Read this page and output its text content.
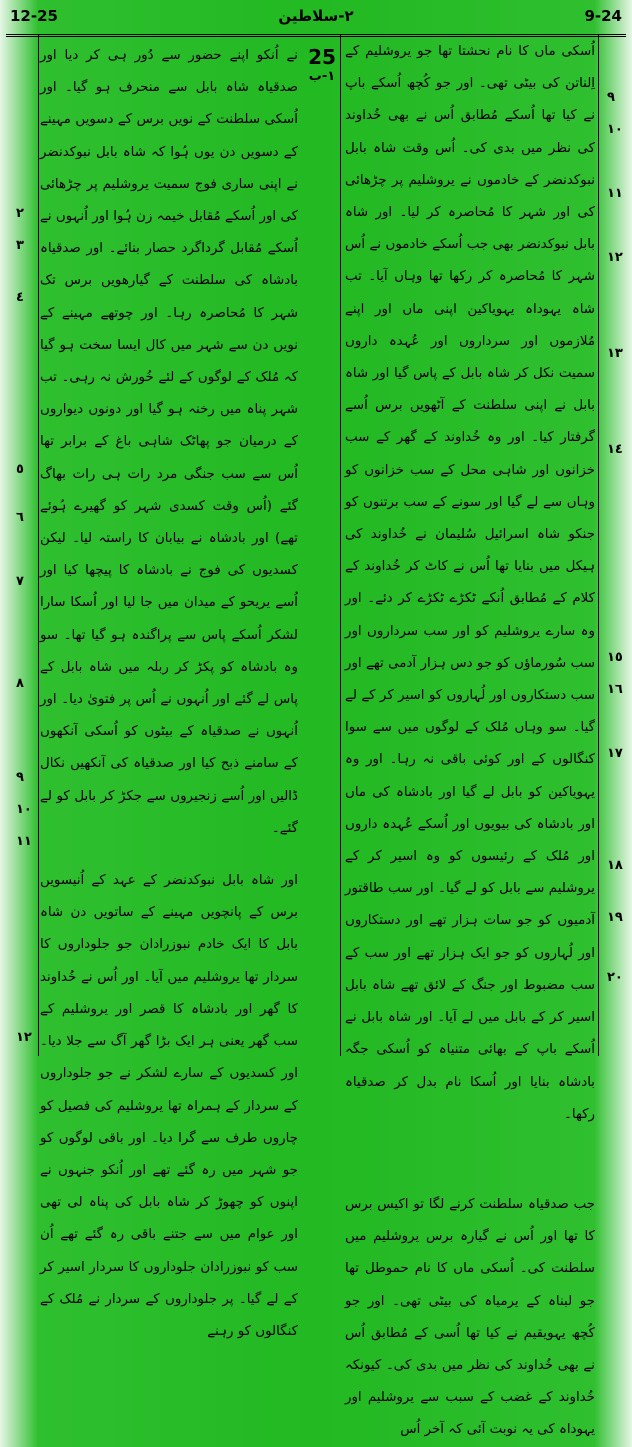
12-25	٢-سلاطین	9-24
25
۱-ب

اُسکی ماں کا نام نحشتا تھا جو یروشلیم کے اِلناتن کی بیٹی تھی۔ اور جو کُچھ اُسکے باپ نے کیا تھا اُسکے مُطابق اُس نے بھی خُداوند کی نظر میں بدی کی۔ اُس وقت شاہ بابل نبوکدنضر کے خادموں نے یروشلیم پر چڑھائی کی اور شہر کا مُحاصرہ کر لیا۔ اور شاہ بابل نبوکدنضر بھی جب اُسکے خادموں نے اُس شہر کا مُحاصرہ کر رکھا تھا وہاں آیا۔ تب شاہ یہوداہ یہویاکین اپنی ماں اور اپنے مُلازموں اور سرداروں اور عُہدہ داروں سمیت نکل کر شاہ بابل کے پاس گیا اور شاہ بابل نے اپنی سلطنت کے آٹھویں برس اُسے گرفتار کیا۔ اور وہ خُداوند کے گھر کے سب خزانوں اور شاہی محل کے سب خزانوں کو وہاں سے لے گیا اور سونے کے سب برتنوں کو جنکو شاہ اسرائیل سُلیمان نے خُداوند کی ہیکل میں بنایا تھا اُس نے کاٹ کر خُداوند کے کلام کے مُطابق اُنکے ٹکڑے ٹکڑے کر دئے۔ اور وہ سارے یروشلیم کو اور سب سرداروں اور سب سُورماؤں کو جو دس ہزار آدمی تھے اور سب دستکاروں اور لُہاروں کو اسیر کر کے لے گیا۔ سو وہاں مُلک کے لوگوں میں سے سوا کنگالوں کے اور کوئی باقی نہ رہا۔ اور وہ یہویاکین کو بابل لے گیا اور بادشاہ کی ماں اور بادشاہ کی بیویوں اور اُسکے عُہدہ داروں اور مُلک کے رئیسوں کو وہ اسیر کر کے یروشلیم سے بابل کو لے گیا۔ اور سب طاقتور آدمیوں کو جو سات ہزار تھے اور دستکاروں اور لُہاروں کو جو ایک ہزار تھے اور سب کے سب مضبوط اور جنگ کے لائق تھے شاہ بابل اسیر کر کے بابل میں لے آیا۔ اور شاہ بابل نے اُسکے باپ کے بھائی متنیاہ کو اُسکی جگہ بادشاہ بنایا اور اُسکا نام بدل کر صدقیاہ رکھا۔

جب صدقیاہ سلطنت کرنے لگا تو اکیس برس کا تھا اور اُس نے گیارہ برس یروشلیم میں سلطنت کی۔ اُسکی ماں کا نام حموطل تھا جو لبناہ کے یرمیاہ کی بیٹی تھی۔ اور جو کُچھ یہویقیم نے کیا تھا اُسی کے مُطابق اُس نے بھی خُداوند کی نظر میں بدی کی۔ کیونکہ خُداوند کے غضب کے سبب سے یروشلیم اور یہوداہ کی یہ نوبت آئی کہ آخر اُس

نے اُنکو اپنے حضور سے دُور ہی کر دیا اور صدقیاہ شاہ بابل سے منحرف ہو گیا۔ اور اُسکی سلطنت کے نویں برس کے دسویں مہینے کے دسویں دن یوں ہُوا کہ شاہ بابل نبوکدنضر نے اپنی ساری فوج سمیت یروشلیم پر چڑھائی کی اور اُسکے مُقابل خیمہ زن ہُوا اور اُنہوں نے اُسکے مُقابل گرداگرد حصار بنائے۔ اور صدقیاہ بادشاہ کی سلطنت کے گیارھویں برس تک شہر کا مُحاصرہ رہا۔ اور چوتھے مہینے کے نویں دن سے شہر میں کال ایسا سخت ہو گیا کہ مُلک کے لوگوں کے لئے خُورش نہ رہی۔ تب شہر پناہ میں رخنہ ہو گیا اور دونوں دیواروں کے درمیان جو پھاٹک شاہی باغ کے برابر تھا اُس سے سب جنگی مرد رات ہی رات بھاگ گئے (اُس وقت کسدی شہر کو گھیرے ہُوئے تھے) اور بادشاہ نے بیابان کا راستہ لیا۔ لیکن کسدیوں کی فوج نے بادشاہ کا پیچھا کیا اور اُسے یریحو کے میدان میں جا لیا اور اُسکا سارا لشکر اُسکے پاس سے پراگندہ ہو گیا تھا۔ سو وہ بادشاہ کو پکڑ کر ربلہ میں شاہ بابل کے پاس لے گئے اور اُنہوں نے اُس پر فتویٰ دیا۔ اور اُنہوں نے صدقیاہ کے بیٹوں کو اُسکی آنکھوں کے سامنے ذبح کیا اور صدقیاہ کی آنکھیں نکال ڈالیں اور اُسے زنجیروں سے جکڑ کر بابل کو لے گئے۔

اور شاہ بابل نبوکدنضر کے عہد کے اُنیسویں برس کے پانچویں مہینے کے ساتویں دن شاہ بابل کا ایک خادم نبوزرادان جو جلوداروں کا سردار تھا یروشلیم میں آیا۔ اور اُس نے خُداوند کا گھر اور بادشاہ کا قصر اور یروشلیم کے سب گھر یعنی ہر ایک بڑا گھر آگ سے جلا دیا۔ اور کسدیوں کے سارے لشکر نے جو جلوداروں کے سردار کے ہمراہ تھا یروشلیم کی فصیل کو چاروں طرف سے گرا دیا۔ اور باقی لوگوں کو جو شہر میں رہ گئے تھے اور اُنکو جنہوں نے اپنوں کو چھوڑ کر شاہ بابل کی پناہ لی تھی اور عوام میں سے جتنے باقی رہ گئے تھے اُن سب کو نبوزرادان جلوداروں کا سردار اسیر کر کے لے گیا۔ پر جلوداروں کے سردار نے مُلک کے کنگالوں کو رہنے

٩
١٠
١١
١٢
١٣
١٤
١٥
١٦
١٧
١٨
١٩
٢٠
٢
٣
٤
٥
٦
٧
٨
٩
١٠
١١
١٢
